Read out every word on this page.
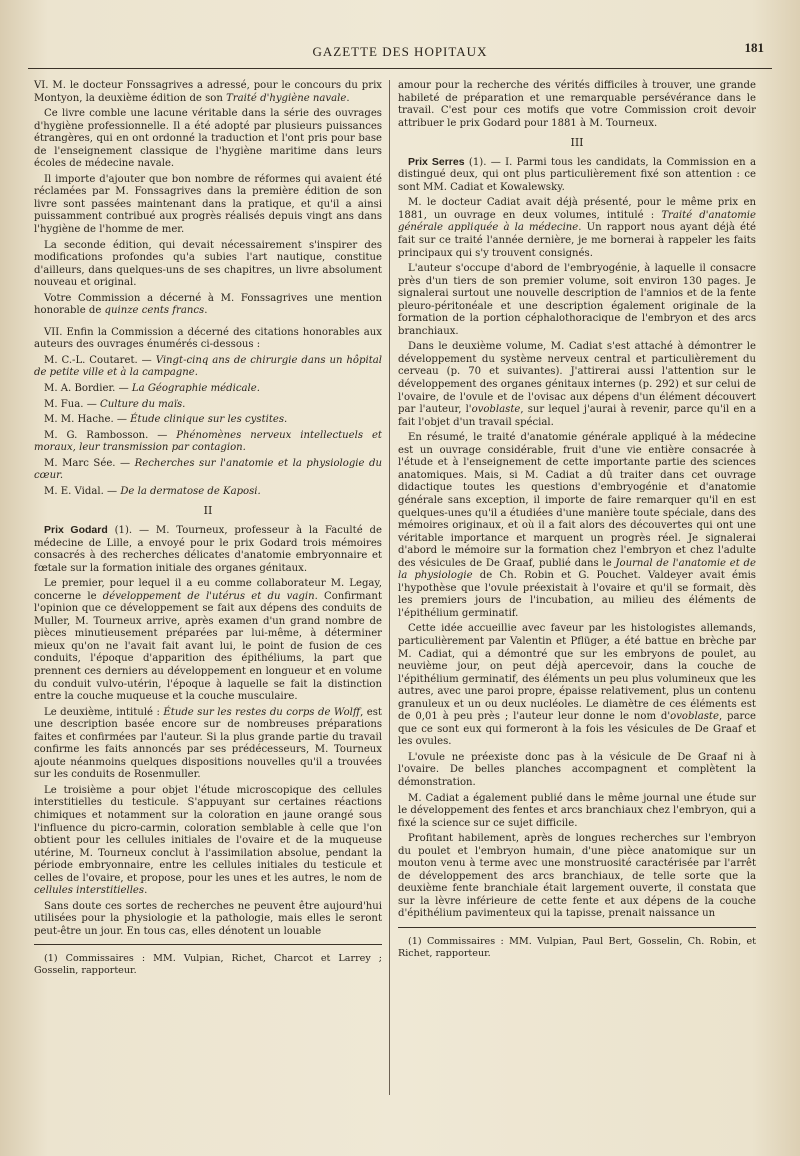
GAZETTE DES HOPITAUX	181

VI. M. le docteur Fonssagrives a adressé, pour le concours du prix Montyon, la deuxième édition de son Traité d'hygiène navale.

Ce livre comble une lacune véritable dans la série des ouvrages d'hygiène professionnelle. Il a été adopté par plusieurs puissances étrangères, qui en ont ordonné la traduction et l'ont pris pour base de l'enseignement classique de l'hygiène maritime dans leurs écoles de médecine navale.

Il importe d'ajouter que bon nombre de réformes qui avaient été réclamées par M. Fonssagrives dans la première édition de son livre sont passées maintenant dans la pratique, et qu'il a ainsi puissamment contribué aux progrès réalisés depuis vingt ans dans l'hygiène de l'homme de mer.

La seconde édition, qui devait nécessairement s'inspirer des modifications profondes qu'a subies l'art nautique, constitue d'ailleurs, dans quelques-uns de ses chapitres, un livre absolument nouveau et original.

Votre Commission a décerné à M. Fonssagrives une mention honorable de quinze cents francs.

VII. Enfin la Commission a décerné des citations honorables aux auteurs des ouvrages énumérés ci-dessous :

M. C.-L. Coutaret. — Vingt-cinq ans de chirurgie dans un hôpital de petite ville et à la campagne.

M. A. Bordier. — La Géographie médicale.

M. Fua. — Culture du maïs.

M. M. Hache. — Étude clinique sur les cystites.

M. G. Rambosson. — Phénomènes nerveux intellectuels et moraux, leur transmission par contagion.

M. Marc Sée. — Recherches sur l'anatomie et la physiologie du cœur.

M. E. Vidal. — De la dermatose de Kaposi.

II

Prix Godard (1). — M. Tourneux, professeur à la Faculté de médecine de Lille, a envoyé pour le prix Godard trois mémoires consacrés à des recherches délicates d'anatomie embryonnaire et fœtale sur la formation initiale des organes génitaux.

Le premier, pour lequel il a eu comme collaborateur M. Legay, concerne le développement de l'utérus et du vagin. Confirmant l'opinion que ce développement se fait aux dépens des conduits de Muller, M. Tourneux arrive, après examen d'un grand nombre de pièces minutieusement préparées par lui-même, à déterminer mieux qu'on ne l'avait fait avant lui, le point de fusion de ces conduits, l'époque d'apparition des épithéliums, la part que prennent ces derniers au développement en longueur et en volume du conduit vulvo-utérin, l'époque à laquelle se fait la distinction entre la couche muqueuse et la couche musculaire.

Le deuxième, intitulé : Étude sur les restes du corps de Wolff, est une description basée encore sur de nombreuses préparations faites et confirmées par l'auteur. Si la plus grande partie du travail confirme les faits annoncés par ses prédécesseurs, M. Tourneux ajoute néanmoins quelques dispositions nouvelles qu'il a trouvées sur les conduits de Rosenmuller.

Le troisième a pour objet l'étude microscopique des cellules interstitielles du testicule. S'appuyant sur certaines réactions chimiques et notamment sur la coloration en jaune orangé sous l'influence du picro-carmin, coloration semblable à celle que l'on obtient pour les cellules initiales de l'ovaire et de la muqueuse utérine, M. Tourneux conclut à l'assimilation absolue, pendant la période embryonnaire, entre les cellules initiales du testicule et celles de l'ovaire, et propose, pour les unes et les autres, le nom de cellules interstitielles.

Sans doute ces sortes de recherches ne peuvent être aujourd'hui utilisées pour la physiologie et la pathologie, mais elles le seront peut-être un jour. En tous cas, elles dénotent un louable

(1) Commissaires : MM. Vulpian, Richet, Charcot et Larrey ; Gosselin, rapporteur.

amour pour la recherche des vérités difficiles à trouver, une grande habileté de préparation et une remarquable persévérance dans le travail. C'est pour ces motifs que votre Commission croit devoir attribuer le prix Godard pour 1881 à M. Tourneux.

III

Prix Serres (1). — I. Parmi tous les candidats, la Commission en a distingué deux, qui ont plus particulièrement fixé son attention : ce sont MM. Cadiat et Kowalewsky.

M. le docteur Cadiat avait déjà présenté, pour le même prix en 1881, un ouvrage en deux volumes, intitulé : Traité d'anatomie générale appliquée à la médecine. Un rapport nous ayant déjà été fait sur ce traité l'année dernière, je me bornerai à rappeler les faits principaux qui s'y trouvent consignés.

L'auteur s'occupe d'abord de l'embryogénie, à laquelle il consacre près d'un tiers de son premier volume, soit environ 130 pages. Je signalerai surtout une nouvelle description de l'amnios et de la fente pleuro-péritonéale et une description également originale de la formation de la portion céphalothoracique de l'embryon et des arcs branchiaux.

Dans le deuxième volume, M. Cadiat s'est attaché à démontrer le développement du système nerveux central et particulièrement du cerveau (p. 70 et suivantes). J'attirerai aussi l'attention sur le développement des organes génitaux internes (p. 292) et sur celui de l'ovaire, de l'ovule et de l'ovisac aux dépens d'un élément découvert par l'auteur, l'ovoblaste, sur lequel j'aurai à revenir, parce qu'il en a fait l'objet d'un travail spécial.

En résumé, le traité d'anatomie générale appliqué à la médecine est un ouvrage considérable, fruit d'une vie entière consacrée à l'étude et à l'enseignement de cette importante partie des sciences anatomiques. Mais, si M. Cadiat a dû traiter dans cet ouvrage didactique toutes les questions d'embryogénie et d'anatomie générale sans exception, il importe de faire remarquer qu'il en est quelques-unes qu'il a étudiées d'une manière toute spéciale, dans des mémoires originaux, et où il a fait alors des découvertes qui ont une véritable importance et marquent un progrès réel. Je signalerai d'abord le mémoire sur la formation chez l'embryon et chez l'adulte des vésicules de De Graaf, publié dans le Journal de l'anatomie et de la physiologie de Ch. Robin et G. Pouchet. Valdeyer avait émis l'hypothèse que l'ovule préexistait à l'ovaire et qu'il se formait, dès les premiers jours de l'incubation, au milieu des éléments de l'épithélium germinatif.

Cette idée accueillie avec faveur par les histologistes allemands, particulièrement par Valentin et Pflüger, a été battue en brèche par M. Cadiat, qui a démontré que sur les embryons de poulet, au neuvième jour, on peut déjà apercevoir, dans la couche de l'épithélium germinatif, des éléments un peu plus volumineux que les autres, avec une paroi propre, épaisse relativement, plus un contenu granuleux et un ou deux nucléoles. Le diamètre de ces éléments est de 0,01 à peu près ; l'auteur leur donne le nom d'ovoblaste, parce que ce sont eux qui formeront à la fois les vésicules de De Graaf et les ovules.

L'ovule ne préexiste donc pas à la vésicule de De Graaf ni à l'ovaire. De belles planches accompagnent et complètent la démonstration.

M. Cadiat a également publié dans le même journal une étude sur le développement des fentes et arcs branchiaux chez l'embryon, qui a fixé la science sur ce sujet difficile.

Profitant habilement, après de longues recherches sur l'embryon du poulet et l'embryon humain, d'une pièce anatomique sur un mouton venu à terme avec une monstruosité caractérisée par l'arrêt de développement des arcs branchiaux, de telle sorte que la deuxième fente branchiale était largement ouverte, il constata que sur la lèvre inférieure de cette fente et aux dépens de la couche d'épithélium pavimenteux qui la tapisse, prenait naissance un

(1) Commissaires : MM. Vulpian, Paul Bert, Gosselin, Ch. Robin, et Richet, rapporteur.
